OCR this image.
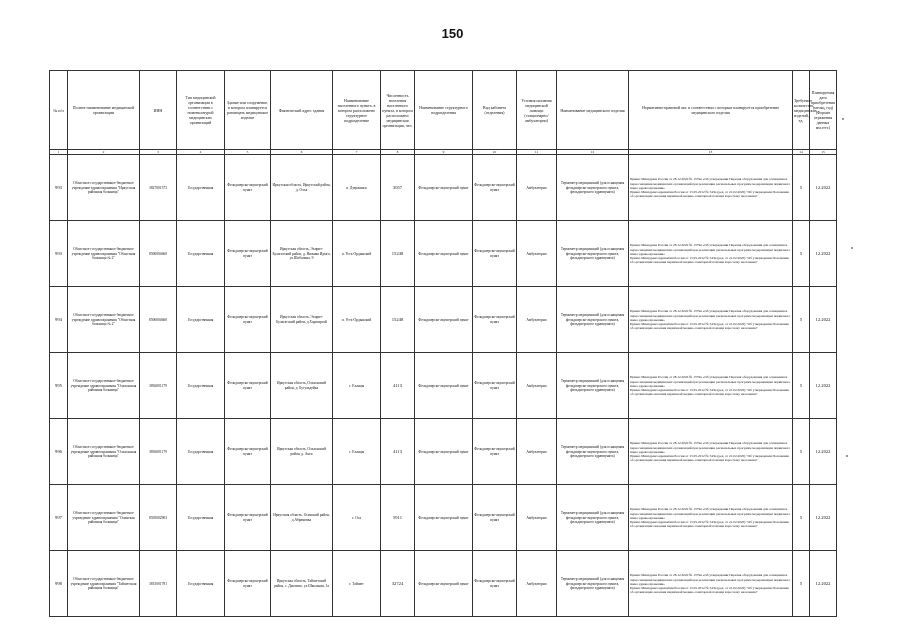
150
№ п/п	Полное наименование медицинской организации	ИНН	Тип медицинской организации в соответствии с номенклатурой медицинских организаций	Здание или сооружение, в котором планируется размещать медицинское изделие	Фактический адрес здания	Наименование населенного пункта, в котором расположено структурное подразделение	Численность населения населенного пункта, в котором расположено медицинская организация, чел.	Наименование структурного подразделения	Вид кабинета (отделения)	Условия оказания медицинской помощи (стационарно/амбулаторно)	Наименование медицинского изделия	Нормативно-правовой акт, в соответствии с которым планируется приобретение медицинского изделия	Требуемое количество медицинских изделий, ед.	Планируемая дата приобретения (месяц, год) (Формат отражения данных мм.гггг.)
1	2	3	4	5	6	7	8	9	10	11	12	13	14	15
993	Областное государственное бюджетное учреждение здравоохранения "Иркутская районная больница"	3827001573	Государственная	Фельдшерско-акушерский пункт	Иркутская область, Иркутский район, д. Олха	п. Дзержинск	3057	Фельдшерско-акушерский пункт	Фельдшерско-акушерский пункт	Амбулаторно	Термометр медицинский (для оснащения фельдшерско-акушерского пункта, фельдшерского здравпункта)	Приказ Минздрава России от 28.12.2020 № 1379н «Об утверждении Перечня оборудования для оснащения и переоснащения медицинских организаций при реализации региональных программ модернизации первичного звена здравоохранения»
Приказ Минздравсоцразвития России от 15.05.2012 № 543н (ред. от 21.02.2020) "Об утверждении Положения об организации оказания первичной медико-санитарной помощи взрослому населению"	5	12.2022
993	Областное государственное бюджетное учреждение здравоохранения "Областная больница № 2"	8506004660	Государственная	Фельдшерско-акушерский пункт	Иркутская область, Эхирит-Булагатский район, д. Нижняя Идыга, ул.Шабалина, 9	п. Усть-Ордынский	15248	Фельдшерско-акушерский пункт	Фельдшерско-акушерский пункт	Амбулаторно	Термометр медицинский (для оснащения фельдшерско-акушерского пункта, фельдшерского здравпункта)	Приказ Минздрава России от 28.12.2020 № 1379н «Об утверждении Перечня оборудования для оснащения и переоснащения медицинских организаций при реализации региональных программ модернизации первичного звена здравоохранения»
Приказ Минздравсоцразвития России от 15.05.2012 № 543н (ред. от 21.02.2020) "Об утверждении Положения об организации оказания первичной медико-санитарной помощи взрослому населению"	5	12.2022
994	Областное государственное бюджетное учреждение здравоохранения "Областная больница № 2"	8506004660	Государственная	Фельдшерско-акушерский пункт	Иркутская область, Эхирит-Булагатский район, д.Харазаргай	п. Усть-Ордынский	15248	Фельдшерско-акушерский пункт	Фельдшерско-акушерский пункт	Амбулаторно	Термометр медицинский (для оснащения фельдшерско-акушерского пункта, фельдшерского здравпункта)	Приказ Минздрава России от 28.12.2020 № 1379н «Об утверждении Перечня оборудования для оснащения и переоснащения медицинских организаций при реализации региональных программ модернизации первичного звена здравоохранения»
Приказ Минздравсоцразвития России от 15.05.2012 № 543н (ред. от 21.02.2020) "Об утверждении Положения об организации оказания первичной медико-санитарной помощи взрослому населению"	5	12.2022
995	Областное государственное бюджетное учреждение здравоохранения "Ольхонская районная больница"	3836001179	Государственная	Фельдшерско-акушерский пункт	Иркутская область, Ольхонский район, д. Бугульдейка	с. Еланцы	4113	Фельдшерско-акушерский пункт	Фельдшерско-акушерский пункт	Амбулаторно	Термометр медицинский (для оснащения фельдшерско-акушерского пункта, фельдшерского здравпункта)	Приказ Минздрава России от 28.12.2020 № 1379н «Об утверждении Перечня оборудования для оснащения и переоснащения медицинских организаций при реализации региональных программ модернизации первичного звена здравоохранения»
Приказ Минздравсоцразвития России от 15.05.2012 № 543н (ред. от 21.02.2020) "Об утверждении Положения об организации оказания первичной медико-санитарной помощи взрослому населению"	5	12.2022
996	Областное государственное бюджетное учреждение здравоохранения "Ольхонская районная больница"	3836001179	Государственная	Фельдшерско-акушерский пункт	Иркутская область, Ольхонский район, д. Анга	с. Еланцы	4113	Фельдшерско-акушерский пункт	Фельдшерско-акушерский пункт	Амбулаторно	Термометр медицинский (для оснащения фельдшерско-акушерского пункта, фельдшерского здравпункта)	Приказ Минздрава России от 28.12.2020 № 1379н «Об утверждении Перечня оборудования для оснащения и переоснащения медицинских организаций при реализации региональных программ модернизации первичного звена здравоохранения»
Приказ Минздравсоцразвития России от 15.05.2012 № 543н (ред. от 21.02.2020) "Об утверждении Положения об организации оказания первичной медико-санитарной помощи взрослому населению"	5	12.2022
997	Областное государственное бюджетное учреждение здравоохранения "Осинская районная больница"	8505002903	Государственная	Фельдшерско-акушерский пункт	Иркутская область, Осинский район, д.Абрамовка	с. Оса	5911	Фельдшерско-акушерский пункт	Фельдшерско-акушерский пункт	Амбулаторно	Термометр медицинский (для оснащения фельдшерско-акушерского пункта, фельдшерского здравпункта)	Приказ Минздрава России от 28.12.2020 № 1379н «Об утверждении Перечня оборудования для оснащения и переоснащения медицинских организаций при реализации региональных программ модернизации первичного звена здравоохранения»
Приказ Минздравсоцразвития России от 15.05.2012 № 543н (ред. от 21.02.2020) "Об утверждении Положения об организации оказания первичной медико-санитарной помощи взрослому населению"	5	12.2022
998	Областное государственное бюджетное учреждение здравоохранения "Тайшетская районная больница"	3815001781	Государственная	Фельдшерско-акушерский пункт	Иркутская область, Тайшетский район, с. Джогино, ул.Школьная, 1а	г. Тайшет	32724	Фельдшерско-акушерский пункт	Фельдшерско-акушерский пункт	Амбулаторно	Термометр медицинский (для оснащения фельдшерско-акушерского пункта, фельдшерского здравпункта)	Приказ Минздрава России от 28.12.2020 № 1379н «Об утверждении Перечня оборудования для оснащения и переоснащения медицинских организаций при реализации региональных программ модернизации первичного звена здравоохранения»
Приказ Минздравсоцразвития России от 15.05.2012 № 543н (ред. от 21.02.2020) "Об утверждении Положения об организации оказания первичной медико-санитарной помощи взрослому населению"	5	12.2022
